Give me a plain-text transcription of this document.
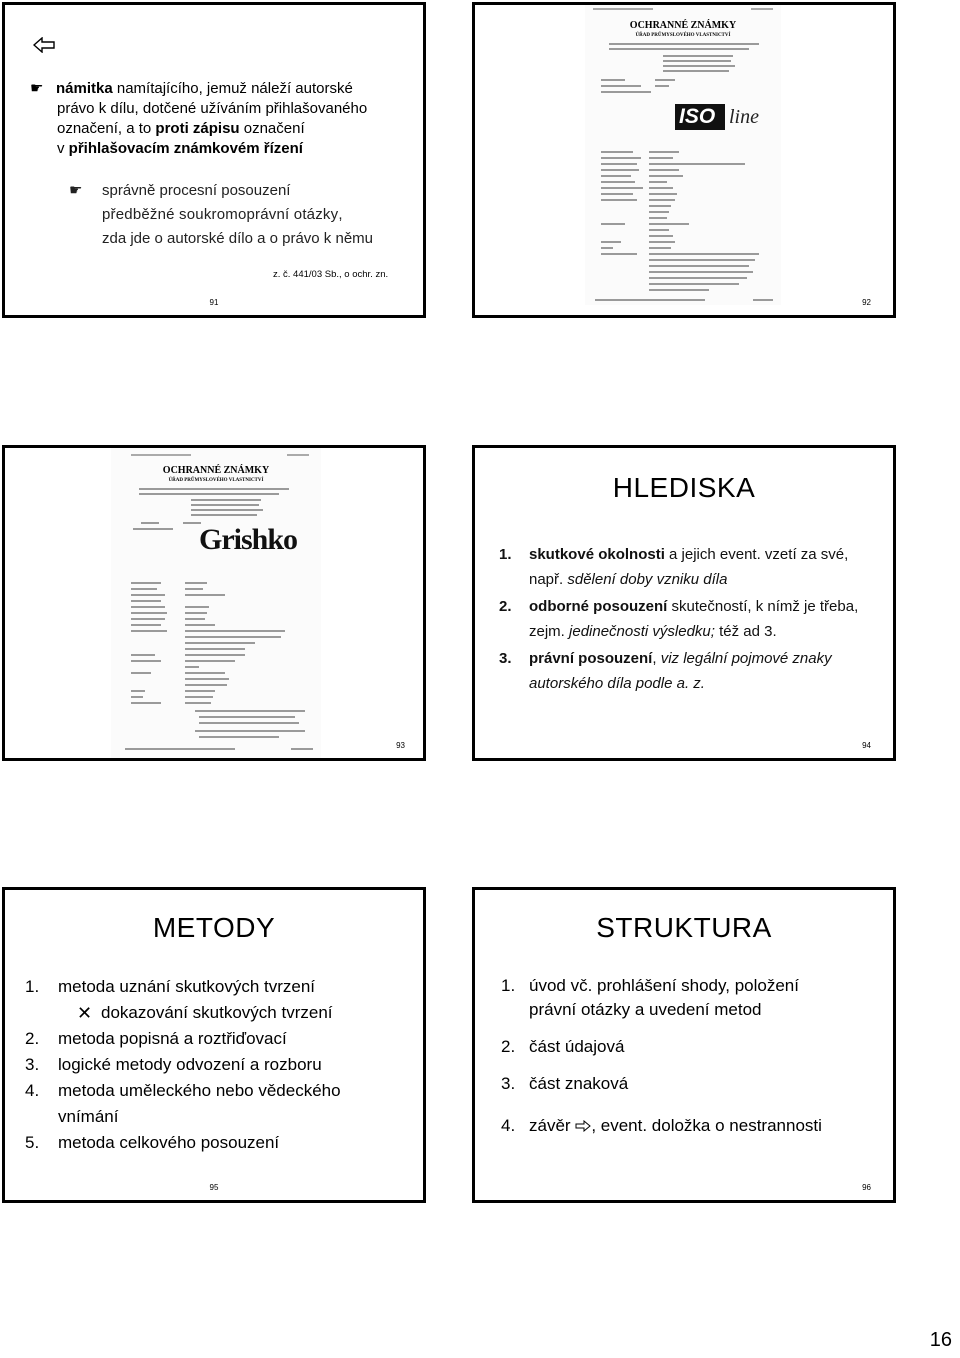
☛ námitka namítajícího, jemuž náleží autorské
právo k dílu, dotčené užíváním přihlašovaného
označení, a to proti zápisu označení
v přihlašovacím známkovém řízení
☛ správně procesní posouzení
předběžné soukromoprávní otázky,
zda jde o autorské dílo a o právo k němu
z. č. 441/03 Sb., o ochr. zn.
91
OCHRANNÉ ZNÁMKY
ÚŘAD PRŮMYSLOVÉHO VLASTNICTVÍ
ISO line
92
OCHRANNÉ ZNÁMKY
ÚŘAD PRŮMYSLOVÉHO VLASTNICTVÍ
Grishko
93
HLEDISKA
1. skutkové okolnosti a jejich event. vzetí za své, např. sdělení doby vzniku díla
2. odborné posouzení skutečností, k nímž je třeba, zejm. jedinečnosti výsledku; též ad 3.
3. právní posouzení, viz legální pojmové znaky autorského díla podle a. z.
94
METODY
1. metoda uznání skutkových tvrzení
✕ dokazování skutkových tvrzení
2. metoda popisná a roztřiďovací
3. logické metody odvození a rozboru
4. metoda uměleckého nebo vědeckého vnímání
5. metoda celkového posouzení
95
STRUKTURA
1. úvod vč. prohlášení shody, položení právní otázky a uvedení metod
2. část údajová
3. část znaková
4. závěr , event. doložka o nestrannosti
96
16
